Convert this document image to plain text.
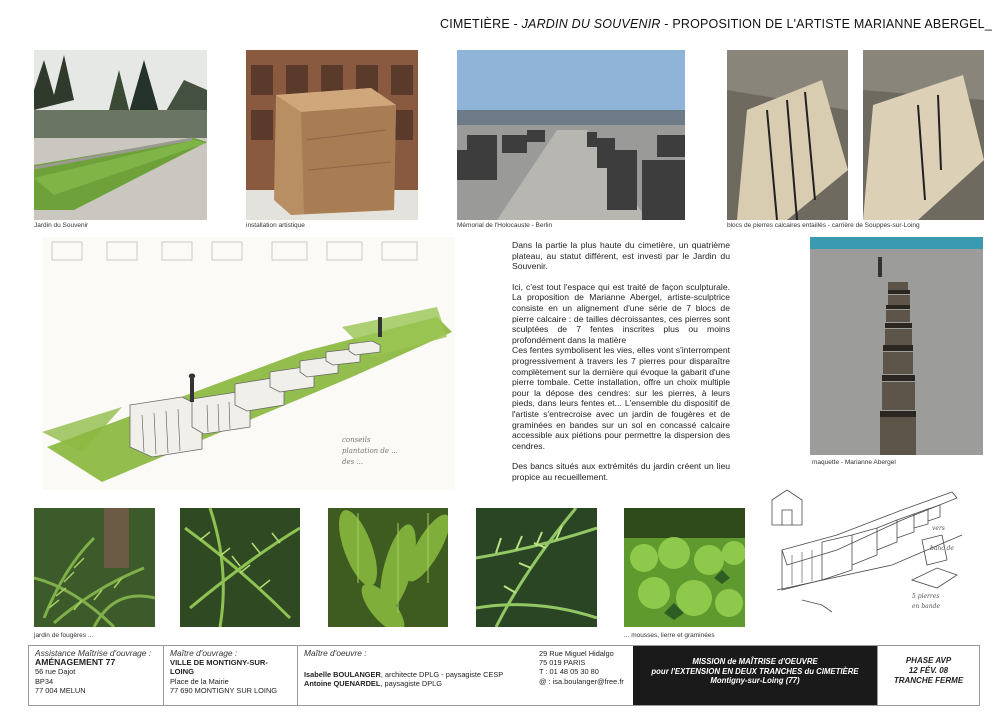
CIMETIÈRE - JARDIN DU SOUVENIR - PROPOSITION DE L'ARTISTE MARIANNE ABERGEL_
Jardin du Souvenir	installation artistique	Mémorial de l'Holocauste - Berlin	blocs de pierres calcaires entaillés - carrière de Souppes-sur-Loing
conseils
plantation de ...
des ...

Dans la partie la plus haute du cimetière, un quatrième plateau, au statut différent, est investi par le Jardin du Souvenir.

Ici, c'est tout l'espace qui est traité de façon sculpturale. La proposition de Marianne Abergel, artiste-sculptrice consiste en un alignement d'une série de 7 blocs de pierre calcaire : de tailles décroissantes, ces pierres sont sculptées de 7 fentes inscrites plus ou moins profondément dans la matière

Ces fentes symbolisent les vies, elles vont s'interrompent progressivement à travers les 7 pierres pour disparaître complètement sur la dernière qui évoque la gabarit d'une pierre tombale. Cette installation, offre un choix multiple pour la dépose des cendres: sur les pierres, à leurs pieds, dans leurs fentes et... L'ensemble du dispositif de l'artiste s'entrecroise avec un jardin de fougères et de graminées en bandes sur un sol en concassé calcaire accessible aux piétions pour permettre la dispersion des cendres.

Des bancs situés aux extrémités du jardin créent un lieu propice au recueillement.

maquette - Marianne Abergel
jardin de fougères ...	... mousses, lierre et graminées
vers
banc de
5 pierres
en bande
Assistance Maîtrise d'ouvrage :
AMÉNAGEMENT 77
56 rue Dajot
BP34
77 004 MELUN
Maître d'ouvrage :
VILLE DE MONTIGNY-SUR-LOING
Place de la Mairie
77 690 MONTIGNY SUR LOING
Maître d'oeuvre :
Isabelle BOULANGER, architecte DPLG - paysagiste CESP
Antoine QUENARDEL, paysagiste DPLG
29 Rue Miguel Hidalgo
75 019 PARIS
T : 01 48 05 30 80
@ : isa.boulanger@free.fr
MISSION de MAÎTRISE d'OEUVRE
pour l'EXTENSION EN DEUX TRANCHES du CIMETIÈRE
Montigny-sur-Loing (77)
PHASE AVP
12 FÉV. 08
TRANCHE FERME
